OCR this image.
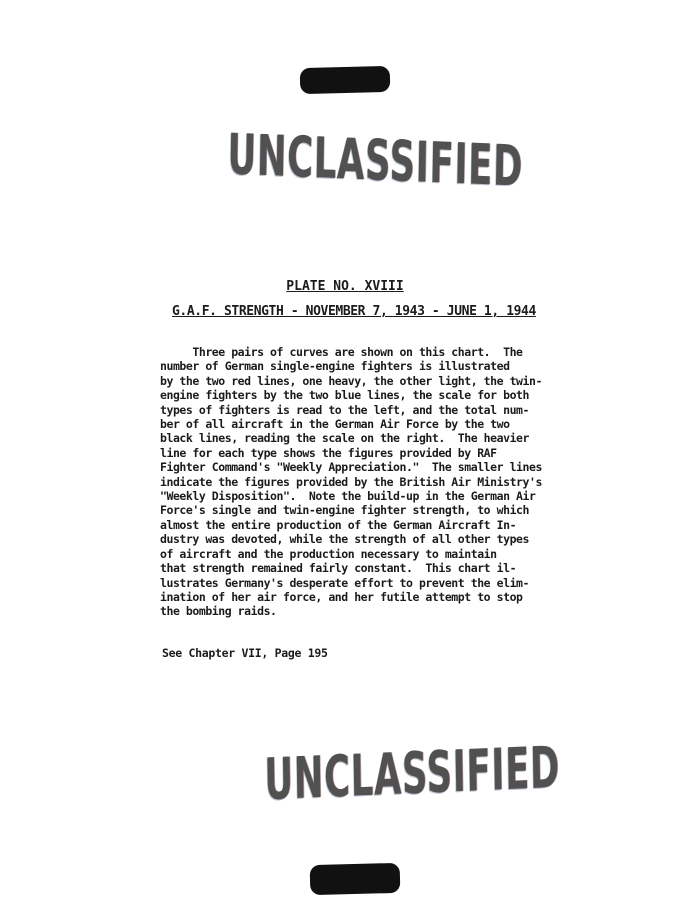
UNCLASSIFIED
PLATE NO. XVIII
G.A.F. STRENGTH - NOVEMBER 7, 1943 - JUNE 1, 1944
Three pairs of curves are shown on this chart.  The
number of German single-engine fighters is illustrated
by the two red lines, one heavy, the other light, the twin-
engine fighters by the two blue lines, the scale for both
types of fighters is read to the left, and the total num-
ber of all aircraft in the German Air Force by the two
black lines, reading the scale on the right.  The heavier
line for each type shows the figures provided by RAF
Fighter Command's "Weekly Appreciation."  The smaller lines
indicate the figures provided by the British Air Ministry's
"Weekly Disposition".  Note the build-up in the German Air
Force's single and twin-engine fighter strength, to which
almost the entire production of the German Aircraft In-
dustry was devoted, while the strength of all other types
of aircraft and the production necessary to maintain
that strength remained fairly constant.  This chart il-
lustrates Germany's desperate effort to prevent the elim-
ination of her air force, and her futile attempt to stop
the bombing raids.
See Chapter VII, Page 195
UNCLASSIFIED
